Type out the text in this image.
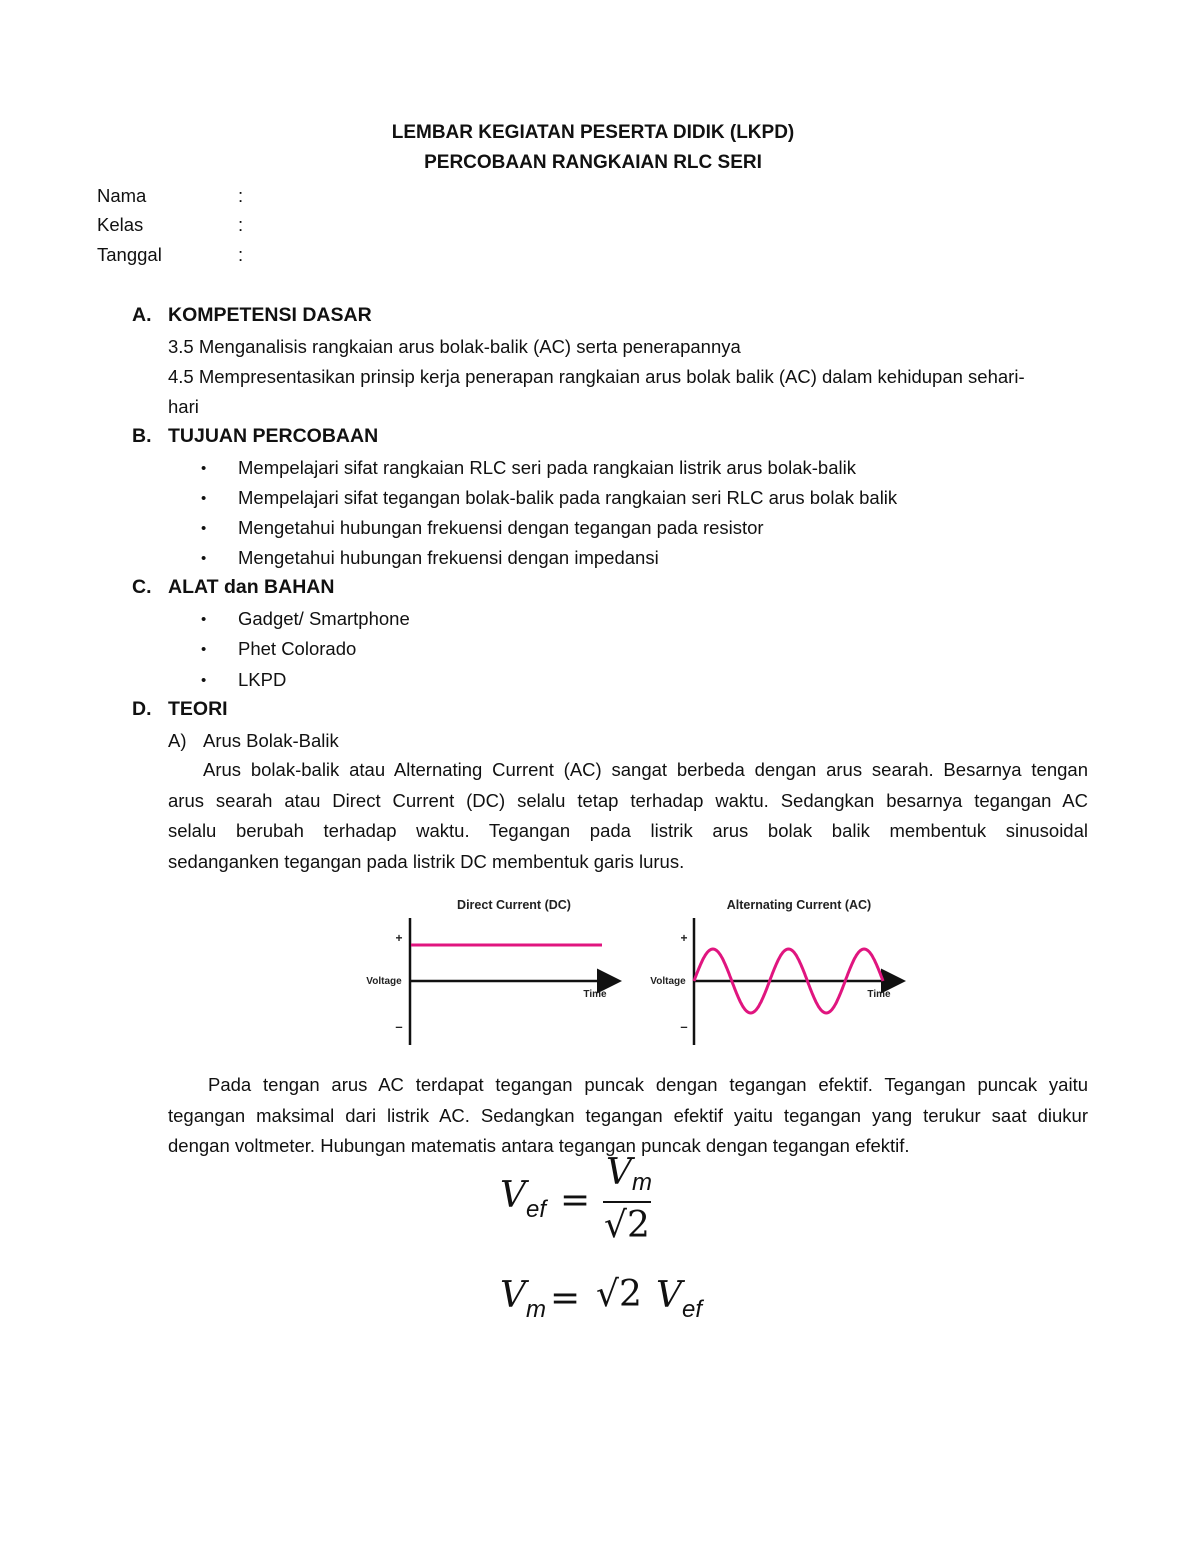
LEMBAR KEGIATAN PESERTA DIDIK (LKPD)
PERCOBAAN RANGKAIAN RLC SERI
Nama	:
Kelas	:
Tanggal	:
A. KOMPETENSI DASAR
3.5 Menganalisis rangkaian arus bolak-balik (AC) serta penerapannya
4.5 Mempresentasikan prinsip kerja penerapan rangkaian arus bolak balik (AC) dalam kehidupan sehari-
hari
B. TUJUAN PERCOBAAN
• Mempelajari sifat rangkaian RLC seri pada rangkaian listrik arus bolak-balik
• Mempelajari sifat tegangan bolak-balik pada rangkaian seri RLC arus bolak balik
• Mengetahui hubungan frekuensi dengan tegangan pada resistor
• Mengetahui hubungan frekuensi dengan impedansi
C. ALAT dan BAHAN
• Gadget/ Smartphone
• Phet Colorado
• LKPD
D. TEORI
A) Arus Bolak-Balik
Arus bolak-balik atau Alternating Current (AC) sangat berbeda dengan arus searah. Besarnya tengan
arus searah atau Direct Current (DC) selalu tetap terhadap waktu. Sedangkan besarnya tegangan AC
selalu berubah terhadap waktu. Tegangan pada listrik arus bolak balik membentuk sinusoidal
sedanganken tegangan pada listrik DC membentuk garis lurus.
Direct Current (DC)
+
–
Voltage
Time
Alternating Current (AC)
+
–
Voltage
Time
Pada tengan arus AC terdapat tegangan puncak dengan tegangan efektif. Tegangan puncak yaitu
tegangan maksimal dari listrik AC. Sedangkan tegangan efektif yaitu tegangan yang terukur saat diukur
dengan voltmeter. Hubungan matematis antara tegangan puncak dengan tegangan efektif.
Vef =
Vm
√2
Vm = √2 Vef
